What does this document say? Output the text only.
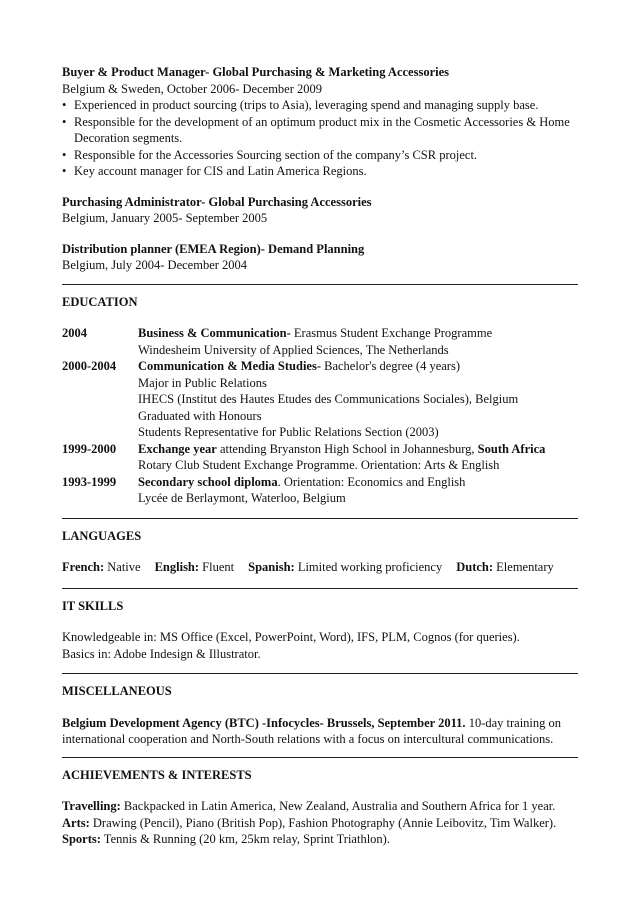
Buyer & Product Manager- Global Purchasing & Marketing Accessories
Belgium & Sweden, October 2006- December 2009
• Experienced in product sourcing (trips to Asia), leveraging spend and managing supply base.
• Responsible for the development of an optimum product mix in the Cosmetic Accessories & Home Decoration segments.
• Responsible for the Accessories Sourcing section of the company’s CSR project.
• Key account manager for CIS and Latin America Regions.
Purchasing Administrator- Global Purchasing Accessories
Belgium, January 2005- September 2005
Distribution planner (EMEA Region)- Demand Planning
Belgium, July 2004- December 2004
EDUCATION
2004	Business & Communication- Erasmus Student Exchange Programme
Windesheim University of Applied Sciences, The Netherlands
2000-2004	Communication & Media Studies- Bachelor's degree (4 years)
Major in Public Relations
IHECS (Institut des Hautes Etudes des Communications Sociales), Belgium
Graduated with Honours
Students Representative for Public Relations Section (2003)
1999-2000	Exchange year attending Bryanston High School in Johannesburg, South Africa
Rotary Club Student Exchange Programme. Orientation: Arts & English
1993-1999	Secondary school diploma. Orientation: Economics and English
Lycée de Berlaymont, Waterloo, Belgium
LANGUAGES
French: Native English: Fluent Spanish: Limited working proficiency Dutch: Elementary
IT SKILLS
Knowledgeable in: MS Office (Excel, PowerPoint, Word), IFS, PLM, Cognos (for queries).
Basics in: Adobe Indesign & Illustrator.
MISCELLANEOUS
Belgium Development Agency (BTC) -Infocycles- Brussels, September 2011. 10-day training on international cooperation and North-South relations with a focus on intercultural communications.
ACHIEVEMENTS & INTERESTS
Travelling: Backpacked in Latin America, New Zealand, Australia and Southern Africa for 1 year.
Arts: Drawing (Pencil), Piano (British Pop), Fashion Photography (Annie Leibovitz, Tim Walker).
Sports: Tennis & Running (20 km, 25km relay, Sprint Triathlon).
